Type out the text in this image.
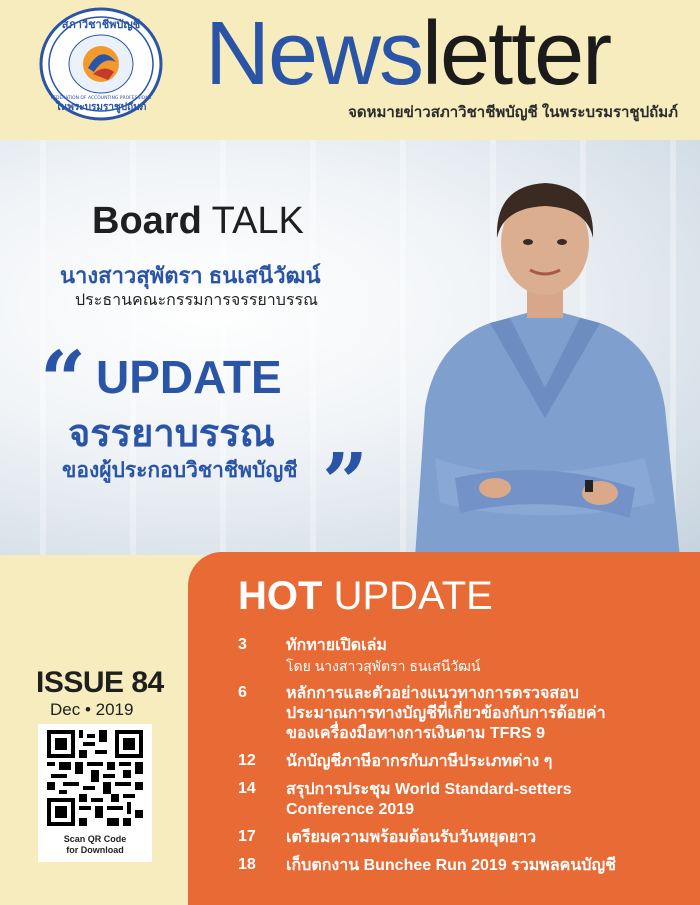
สภาวิชาชีพบัญชี
ในพระบรมราชูปถัมภ์
FEDERATION OF ACCOUNTING PROFESSIONS Newsletter
จดหมายข่าวสภาวิชาชีพบัญชี ในพระบรมราชูปถัมภ์
Board TALK
นางสาวสุพัตรา ธนเสนีวัฒน์
ประธานคณะกรรมการจรรยาบรรณ
“ UPDATE
จรรยาบรรณ
ของผู้ประกอบวิชาชีพบัญชี ”
ISSUE 84
Dec • 2019
Scan QR Code
for Download
HOT UPDATE
3	ทักทายเปิดเล่ม
โดย นางสาวสุพัตรา ธนเสนีวัฒน์
6	หลักการและตัวอย่างแนวทางการตรวจสอบ
ประมาณการทางบัญชีที่เกี่ยวข้องกับการด้อยค่า
ของเครื่องมือทางการเงินตาม TFRS 9
12	นักบัญชีภาษีอากรกับภาษีประเภทต่าง ๆ
14	สรุปการประชุม World Standard-setters
Conference 2019
17	เตรียมความพร้อมต้อนรับวันหยุดยาว
18	เก็บตกงาน Bunchee Run 2019 รวมพลคนบัญชี
